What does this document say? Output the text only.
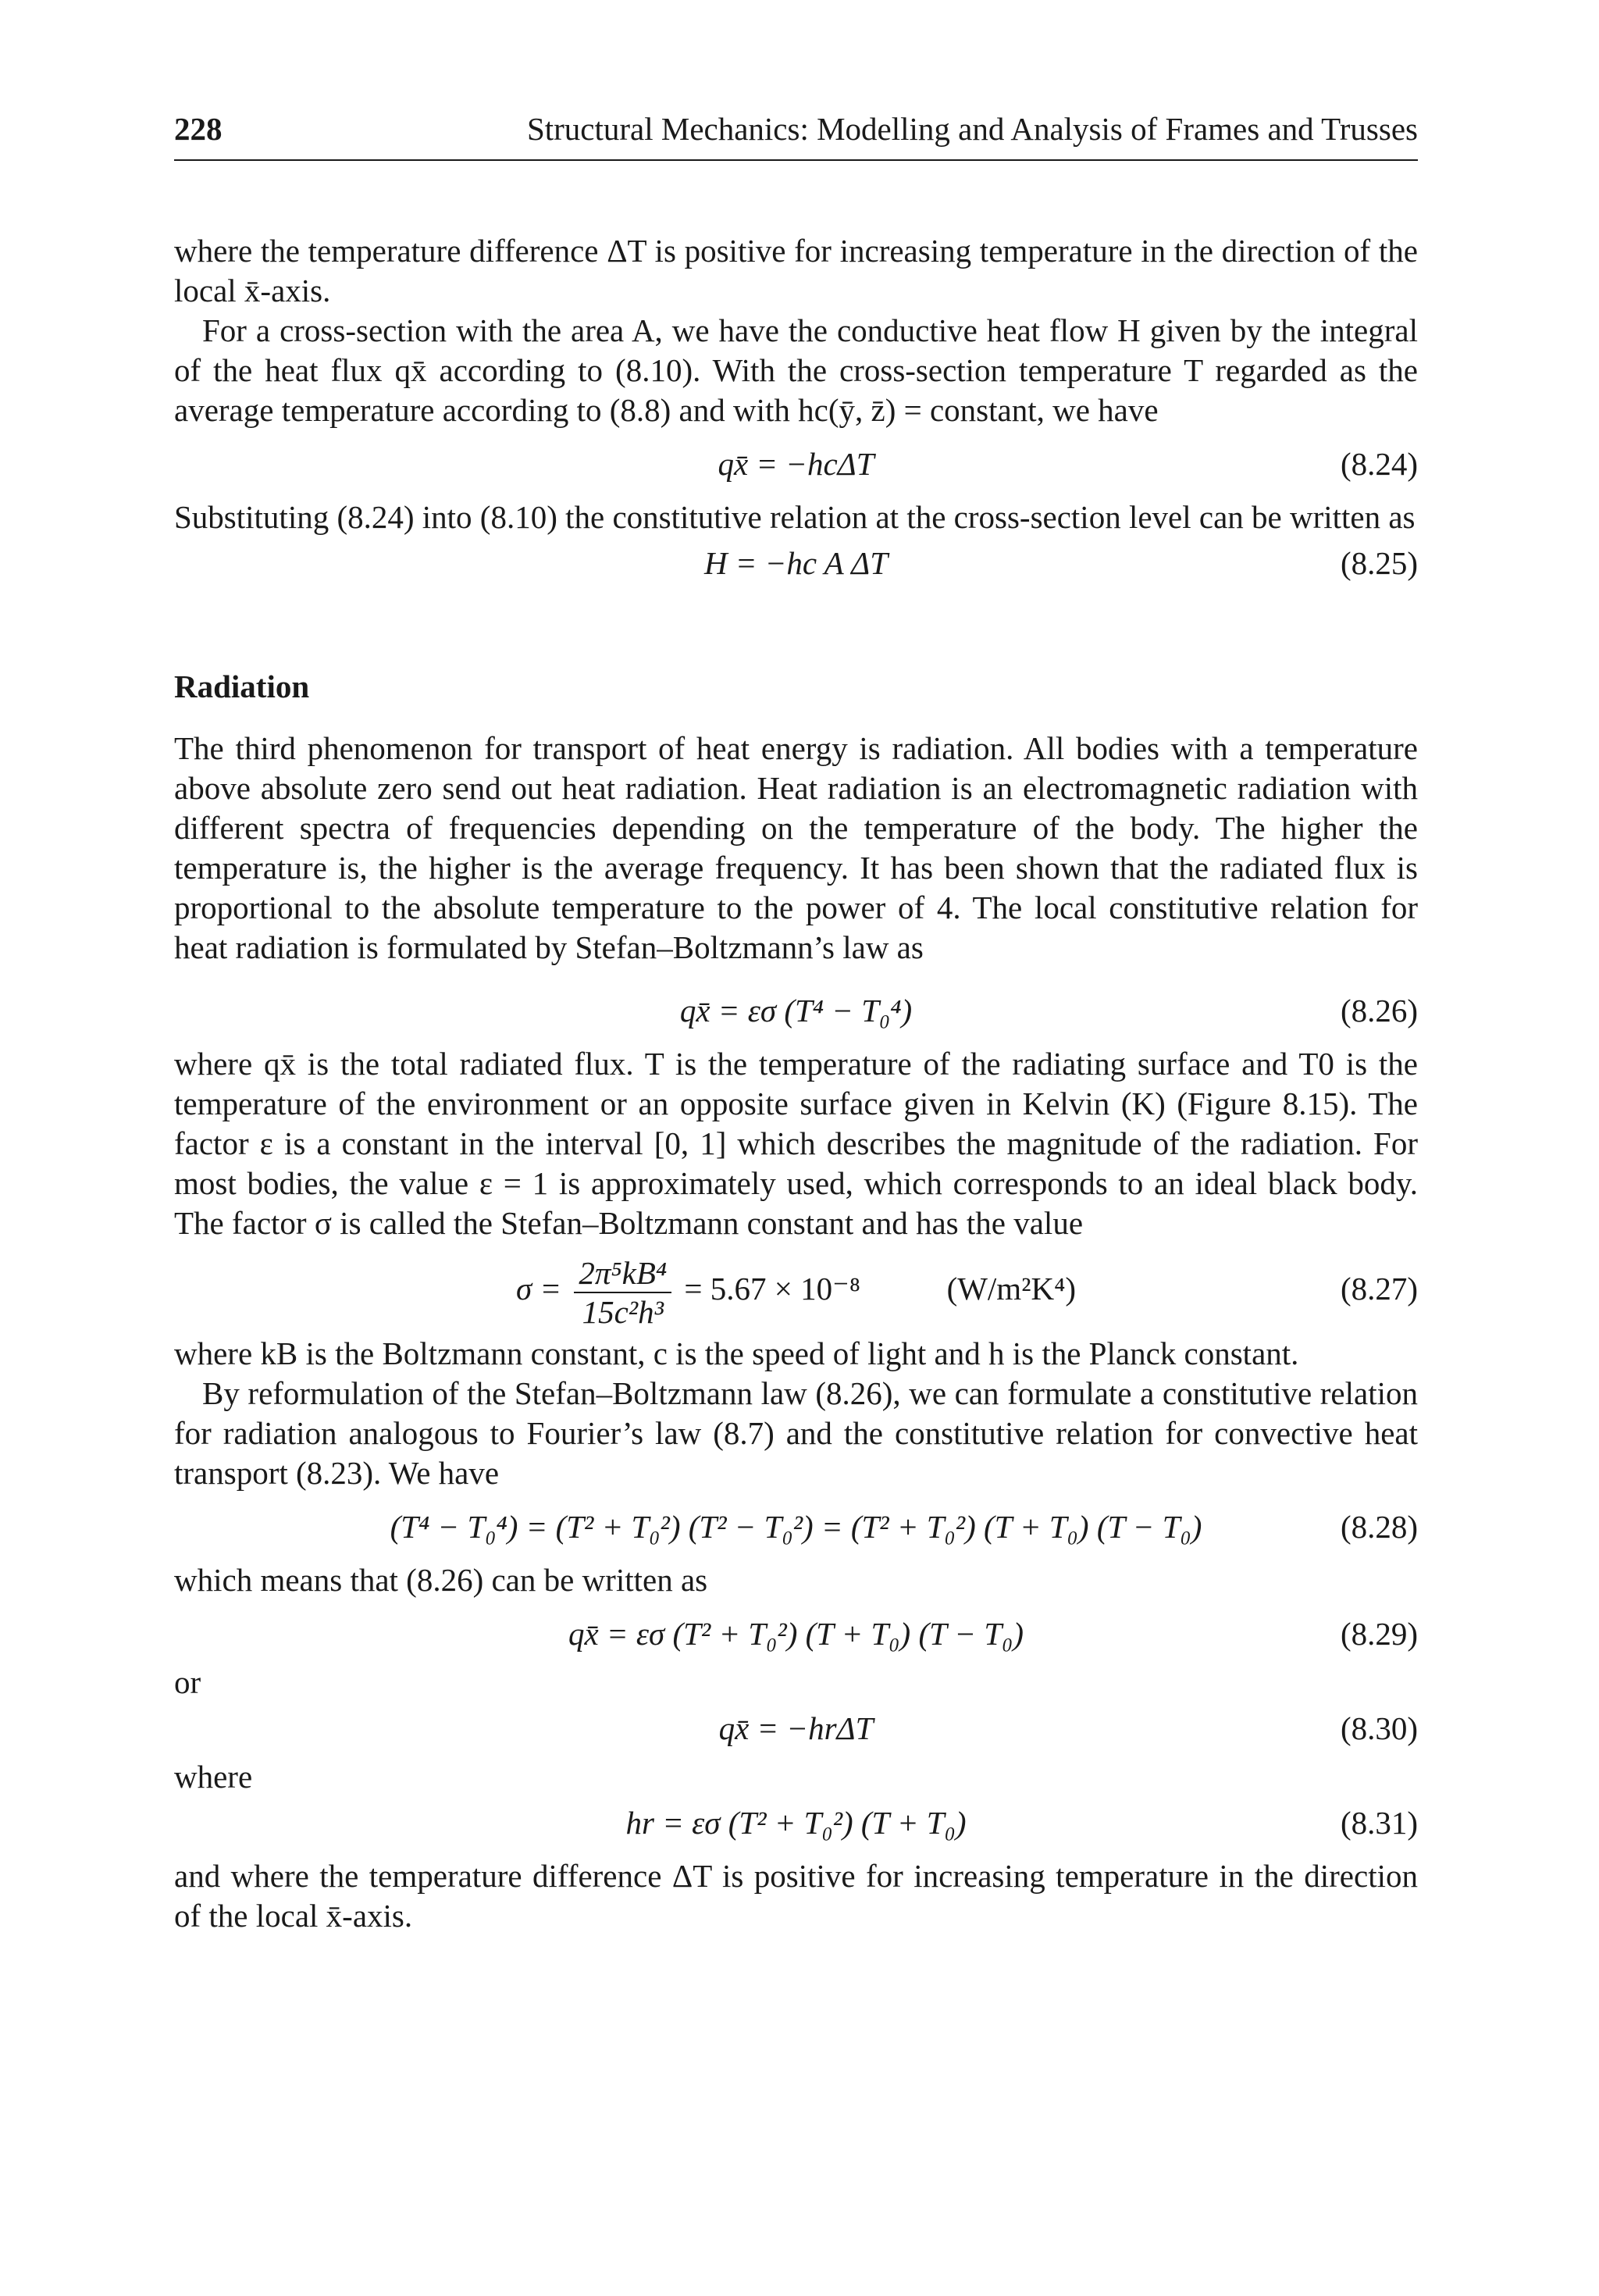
228	Structural Mechanics: Modelling and Analysis of Frames and Trusses

where the temperature difference ΔT is positive for increasing temperature in the direction of the local x̄-axis.

For a cross-section with the area A, we have the conductive heat flow H given by the integral of the heat flux qx̄ according to (8.10). With the cross-section temperature T regarded as the average temperature according to (8.8) and with hc(ȳ, z̄) = constant, we have

qx̄ = −hcΔT	(8.24)

Substituting (8.24) into (8.10) the constitutive relation at the cross-section level can be written as

H = −hc A ΔT	(8.25)
Radiation

The third phenomenon for transport of heat energy is radiation. All bodies with a temperature above absolute zero send out heat radiation. Heat radiation is an electromagnetic radiation with different spectra of frequencies depending on the temperature of the body. The higher the temperature is, the higher is the average frequency. It has been shown that the radiated flux is proportional to the absolute temperature to the power of 4. The local constitutive relation for heat radiation is formulated by Stefan–Boltzmann’s law as

qx̄ = εσ (T⁴ − T₀⁴)	(8.26)

where qx̄ is the total radiated flux. T is the temperature of the radiating surface and T0 is the temperature of the environment or an opposite surface given in Kelvin (K) (Figure 8.15). The factor ε is a constant in the interval [0, 1] which describes the magnitude of the radiation. For most bodies, the value ε = 1 is approximately used, which corresponds to an ideal black body. The factor σ is called the Stefan–Boltzmann constant and has the value

$\sigma = \frac{\text{2π⁵kB⁴}}{\text{15c²h³}} = 5.67 \times 10^{-8}$	(W/m²K⁴)	(8.27)

where kB is the Boltzmann constant, c is the speed of light and h is the Planck constant.

By reformulation of the Stefan–Boltzmann law (8.26), we can formulate a constitutive relation for radiation analogous to Fourier’s law (8.7) and the constitutive relation for convective heat transport (8.23). We have

(T⁴ − T₀⁴) = (T² + T₀²) (T² − T₀²) = (T² + T₀²) (T + T₀) (T − T₀)	(8.28)

which means that (8.26) can be written as

qx̄ = εσ (T² + T₀²) (T + T₀) (T − T₀)	(8.29)

or

qx̄ = −hrΔT	(8.30)

where

hr = εσ (T² + T₀²) (T + T₀)	(8.31)

and where the temperature difference ΔT is positive for increasing temperature in the direction of the local x̄-axis.
